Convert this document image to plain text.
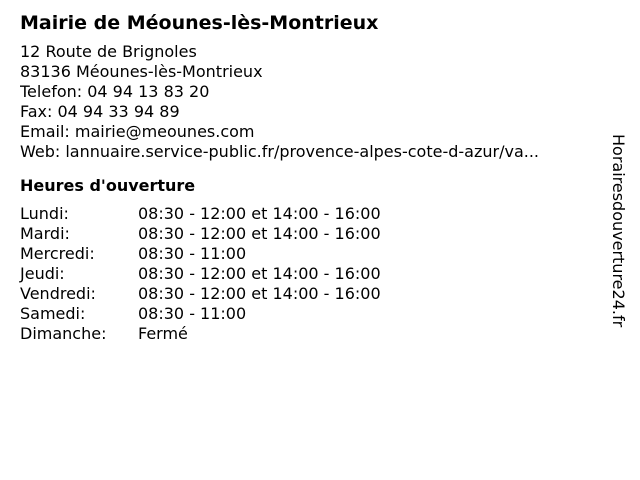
Mairie de Méounes-lès-Montrieux
12 Route de Brignoles
83136 Méounes-lès-Montrieux
Telefon: 04 94 13 83 20
Fax: 04 94 33 94 89
Email: mairie@meounes.com
Web: lannuaire.service-public.fr/provence-alpes-cote-d-azur/va...
Heures d'ouverture
Lundi:	08:30 - 12:00 et 14:00 - 16:00
Mardi:	08:30 - 12:00 et 14:00 - 16:00
Mercredi:	08:30 - 11:00
Jeudi:	08:30 - 12:00 et 14:00 - 16:00
Vendredi:	08:30 - 12:00 et 14:00 - 16:00
Samedi:	08:30 - 11:00
Dimanche:	Fermé
Horairesdouverture24.fr
